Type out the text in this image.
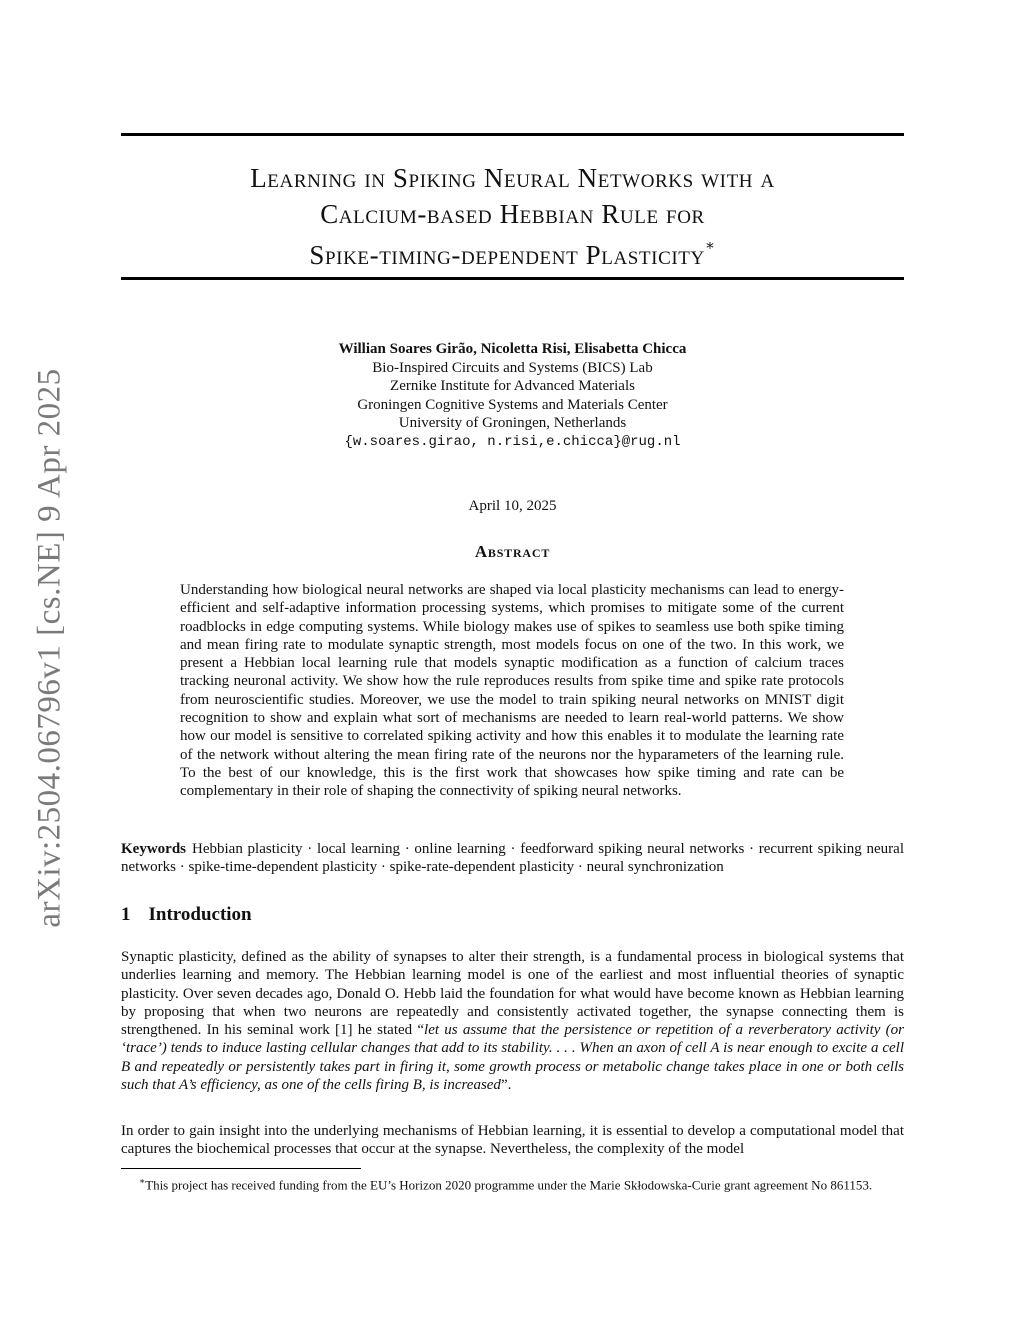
arXiv:2504.06796v1 [cs.NE] 9 Apr 2025
Learning in Spiking Neural Networks with a
Calcium-based Hebbian Rule for
Spike-timing-dependent Plasticity∗
Willian Soares Girão, Nicoletta Risi, Elisabetta Chicca
Bio-Inspired Circuits and Systems (BICS) Lab
Zernike Institute for Advanced Materials
Groningen Cognitive Systems and Materials Center
University of Groningen, Netherlands
{w.soares.girao, n.risi,e.chicca}@rug.nl
April 10, 2025
Abstract
Understanding how biological neural networks are shaped via local plasticity mechanisms can lead to energy-efficient and self-adaptive information processing systems, which promises to mitigate some of the current roadblocks in edge computing systems. While biology makes use of spikes to seamless use both spike timing and mean firing rate to modulate synaptic strength, most models focus on one of the two. In this work, we present a Hebbian local learning rule that models synaptic modification as a function of calcium traces tracking neuronal activity. We show how the rule reproduces results from spike time and spike rate protocols from neuroscientific studies. Moreover, we use the model to train spiking neural networks on MNIST digit recognition to show and explain what sort of mechanisms are needed to learn real-world patterns. We show how our model is sensitive to correlated spiking activity and how this enables it to modulate the learning rate of the network without altering the mean firing rate of the neurons nor the hyparameters of the learning rule. To the best of our knowledge, this is the first work that showcases how spike timing and rate can be complementary in their role of shaping the connectivity of spiking neural networks.
Keywords Hebbian plasticity · local learning · online learning · feedforward spiking neural networks · recurrent spiking neural networks · spike-time-dependent plasticity · spike-rate-dependent plasticity · neural synchronization
1 Introduction
Synaptic plasticity, defined as the ability of synapses to alter their strength, is a fundamental process in biological systems that underlies learning and memory. The Hebbian learning model is one of the earliest and most influential theories of synaptic plasticity. Over seven decades ago, Donald O. Hebb laid the foundation for what would have become known as Hebbian learning by proposing that when two neurons are repeatedly and consistently activated together, the synapse connecting them is strengthened. In his seminal work [1] he stated “let us assume that the persistence or repetition of a reverberatory activity (or ‘trace’) tends to induce lasting cellular changes that add to its stability. . . . When an axon of cell A is near enough to excite a cell B and repeatedly or persistently takes part in firing it, some growth process or metabolic change takes place in one or both cells such that A’s efficiency, as one of the cells firing B, is increased”.
In order to gain insight into the underlying mechanisms of Hebbian learning, it is essential to develop a computational model that captures the biochemical processes that occur at the synapse. Nevertheless, the complexity of the model
∗This project has received funding from the EU’s Horizon 2020 programme under the Marie Skłodowska-Curie grant agreement No 861153.
